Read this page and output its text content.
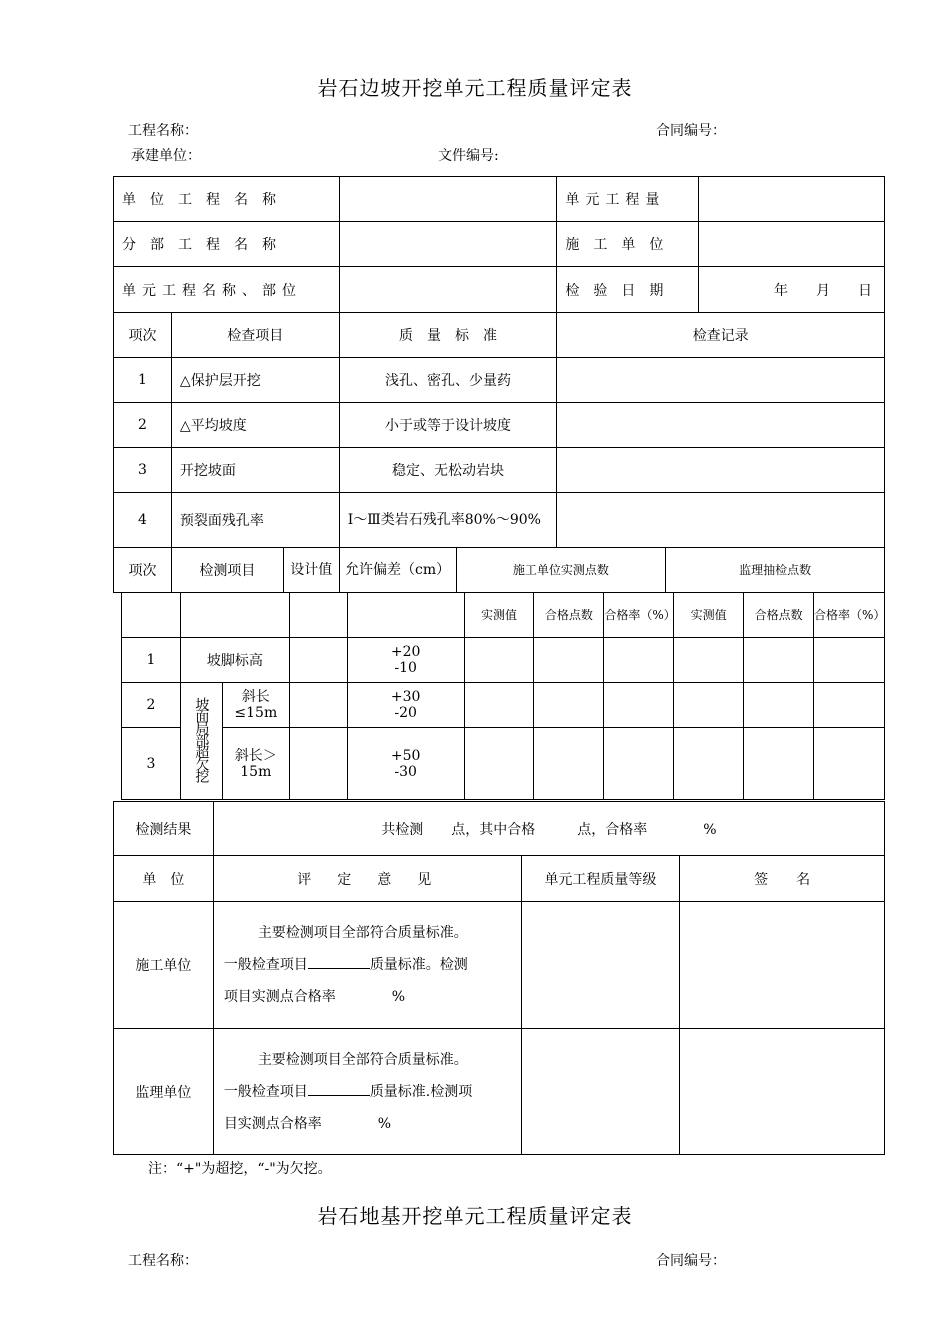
岩石边坡开挖单元工程质量评定表
工程名称：	合同编号：
承建单位：	文件编号:
单位工程名称			单元工程量	
分部工程名称			施工单位	
单元工程名称、部位			检验日期	年　　月　　日
项次	检查项目	质　量　标　准	检查记录	
1	△保护层开挖	浅孔、密孔、少量药		
2	△平均坡度	小于或等于设计坡度		
3	开挖坡面	稳定、无松动岩块		
4	预裂面残孔率	Ⅰ～Ⅲ类岩石残孔率80%～90%		
项次	检测项目	设计值	允许偏差（cm）	施工单位实测点数	监理抽检点数
					实测值	合格点数	合格率（%）	实测值	合格点数	合格率（%）
1	坡脚标高			+20
-10						

2	坡面局部超欠挖	斜长≤15m		+30
-20						

3		斜长＞15m		+50
-30						

检测结果	共检测　　点，其中合格　　　点，合格率　　　　%		
单　位	评　定　意　见	单元工程质量等级	签　　名
施工单位	主要检测项目全部符合质量标准。
一般检查项目 质量标准。检测
项目实测点合格率　　　　%		

监理单位	主要检测项目全部符合质量标准。
一般检查项目 质量标准.检测项
目实测点合格率　　　　%		

注：“+"为超挖，“-"为欠挖。
岩石地基开挖单元工程质量评定表
工程名称：	合同编号：
